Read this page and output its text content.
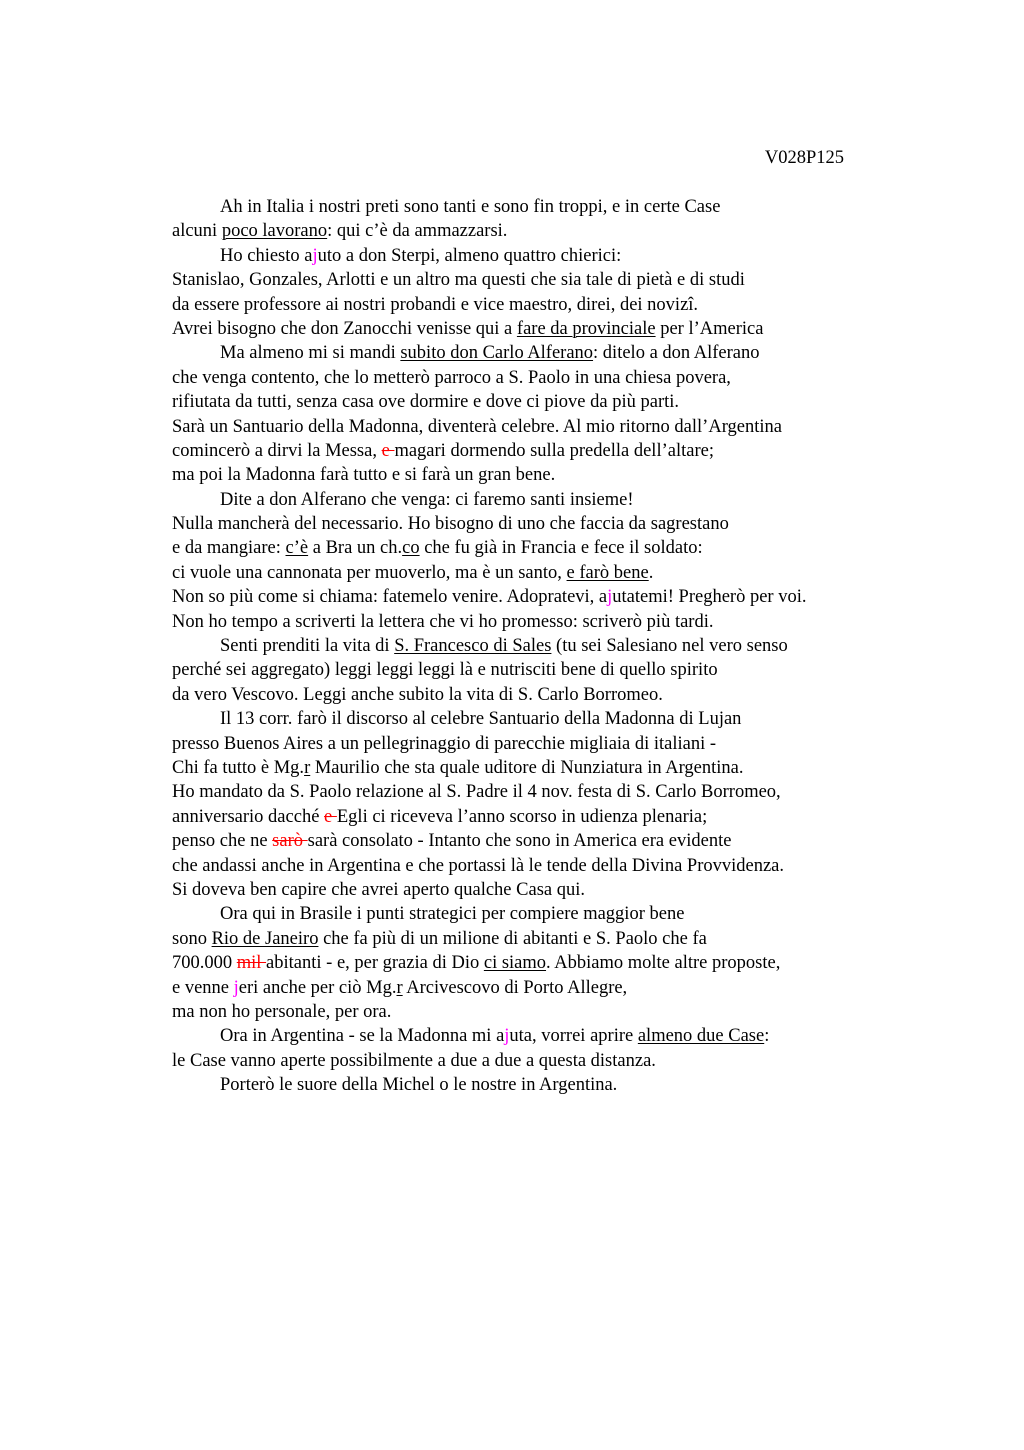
V028P125
Ah in Italia i nostri preti sono tanti e sono fin troppi, e in certe Case
alcuni poco lavorano: qui c’è da ammazzarsi.
Ho chiesto ajuto a don Sterpi, almeno quattro chierici:
Stanislao, Gonzales, Arlotti e un altro ma questi che sia tale di pietà e di studi
da essere professore ai nostri probandi e vice maestro, direi, dei novizi.
Avrei bisogno che don Zanocchi venisse qui a fare da provinciale per l’America
Ma almeno mi si mandi subito don Carlo Alferano: ditelo a don Alferano
che venga contento, che lo metterò parroco a S. Paolo in una chiesa povera,
rifiutata da tutti, senza casa ove dormire e dove ci piove da più parti.
Sarà un Santuario della Madonna, diventerà celebre. Al mio ritorno dall’Argentina
comincerò a dirvi la Messa, e magari dormendo sulla predella dell’altare;
ma poi la Madonna farà tutto e si farà un gran bene.
Dite a don Alferano che venga: ci faremo santi insieme!
Nulla mancherà del necessario. Ho bisogno di uno che faccia da sagrestano
e da mangiare: c’è a Bra un ch.co che fu già in Francia e fece il soldato:
ci vuole una cannonata per muoverlo, ma è un santo, e farò bene.
Non so più come si chiama: fatemelo venire. Adopratevi, ajutatemi! Pregherò per voi.
Non ho tempo a scriverti la lettera che vi ho promesso: scriverò più tardi.
Senti prenditi la vita di S. Francesco di Sales (tu sei Salesiano nel vero senso
perché sei aggregato) leggi leggi leggi là e nutrisciti bene di quello spirito
da vero Vescovo. Leggi anche subito la vita di S. Carlo Borromeo.
Il 13 corr. farò il discorso al celebre Santuario della Madonna di Lujan
presso Buenos Aires a un pellegrinaggio di parecchie migliaia di italiani -
Chi fa tutto è Mg.r Maurilio che sta quale uditore di Nunziatura in Argentina.
Ho mandato da S. Paolo relazione al S. Padre il 4 nov. festa di S. Carlo Borromeo,
anniversario dacché e Egli ci riceveva l’anno scorso in udienza plenaria;
penso che ne sarò sarà consolato - Intanto che sono in America era evidente
che andassi anche in Argentina e che portassi là le tende della Divina Provvidenza.
Si doveva ben capire che avrei aperto qualche Casa qui.
Ora qui in Brasile i punti strategici per compiere maggior bene
sono Rio de Janeiro che fa più di un milione di abitanti e S. Paolo che fa
700.000 mil abitanti - e, per grazia di Dio ci siamo. Abbiamo molte altre proposte,
e venne jeri anche per ciò Mg.r Arcivescovo di Porto Allegre,
ma non ho personale, per ora.
Ora in Argentina - se la Madonna mi ajuta, vorrei aprire almeno due Case:
le Case vanno aperte possibilmente a due a due a questa distanza.
Porterò le suore della Michel o le nostre in Argentina.
